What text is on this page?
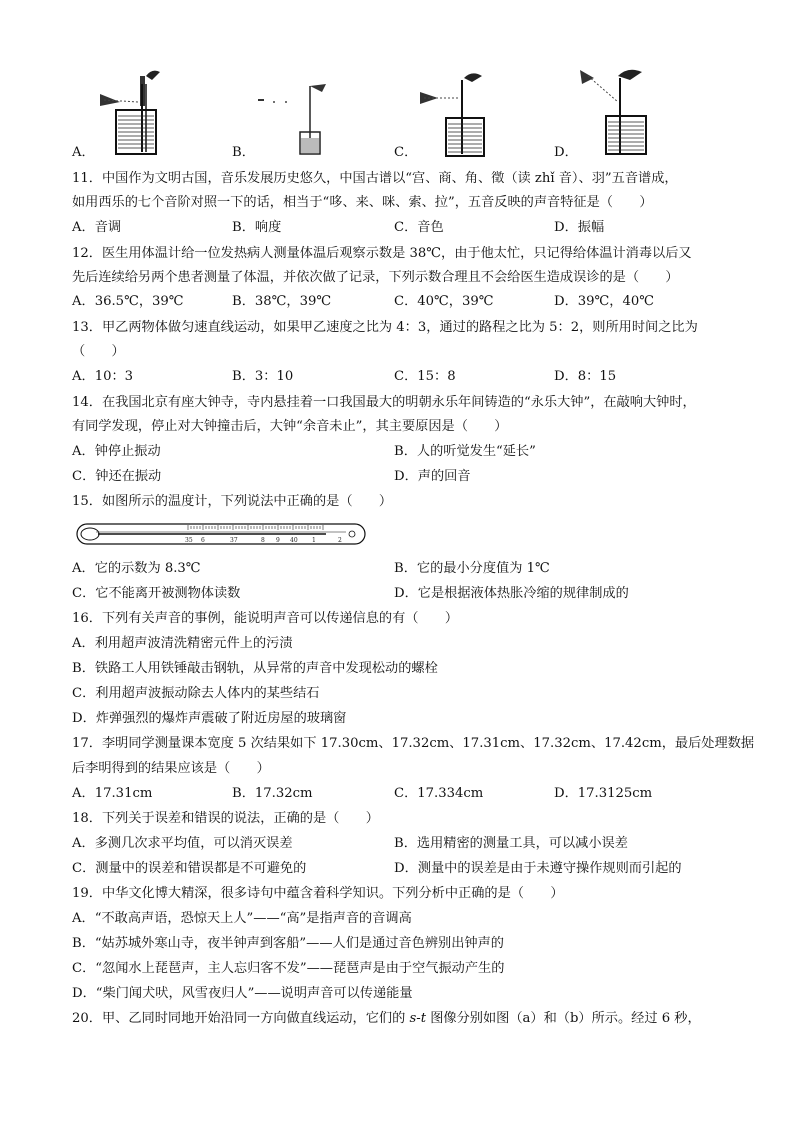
A．	B．	C．	D．
11．中国作为文明古国，音乐发展历史悠久，中国古谱以“宫、商、角、徵（读 zhǐ 音）、羽”五音谱成，
如用西乐的七个音阶对照一下的话，相当于“哆、来、咪、索、拉”，五音反映的声音特征是（　　）
A．音调	B．响度	C．音色	D．振幅
12．医生用体温计给一位发热病人测量体温后观察示数是 38℃，由于他太忙，只记得给体温计消毒以后又
先后连续给另两个患者测量了体温，并依次做了记录，下列示数合理且不会给医生造成误诊的是（　　）
A．36.5℃，39℃	B．38℃，39℃	C．40℃，39℃	D．39℃，40℃
13．甲乙两物体做匀速直线运动，如果甲乙速度之比为 4：3，通过的路程之比为 5：2，则所用时间之比为
（　　）
A．10：3	B．3：10	C．15：8	D．8：15
14．在我国北京有座大钟寺，寺内悬挂着一口我国最大的明朝永乐年间铸造的“永乐大钟”，在敲响大钟时，
有同学发现，停止对大钟撞击后，大钟“余音未止”，其主要原因是（　　）
A．钟停止振动	B．人的听觉发生“延长”
C．钟还在振动	D．声的回音
15．如图所示的温度计，下列说法中正确的是（　　）
35 6	37	8 9 40 1	2
A．它的示数为 8.3℃	B．它的最小分度值为 1℃
C．它不能离开被测物体读数	D．它是根据液体热胀冷缩的规律制成的
16．下列有关声音的事例，能说明声音可以传递信息的有（　　）
A．利用超声波清洗精密元件上的污渍
B．铁路工人用铁锤敲击钢轨，从异常的声音中发现松动的螺栓
C．利用超声波振动除去人体内的某些结石
D．炸弹强烈的爆炸声震破了附近房屋的玻璃窗
17．李明同学测量课本宽度 5 次结果如下 17.30cm、17.32cm、17.31cm、17.32cm、17.42cm，最后处理数据
后李明得到的结果应该是（　　）
A．17.31cm	B．17.32cm	C．17.334cm	D．17.3125cm
18．下列关于误差和错误的说法，正确的是（　　）
A．多测几次求平均值，可以消灭误差	B．选用精密的测量工具，可以减小误差
C．测量中的误差和错误都是不可避免的	D．测量中的误差是由于未遵守操作规则而引起的
19．中华文化博大精深，很多诗句中蕴含着科学知识。下列分析中正确的是（　　）
A．“不敢高声语，恐惊天上人”——“高”是指声音的音调高
B．“姑苏城外寒山寺，夜半钟声到客船”——人们是通过音色辨别出钟声的
C．“忽闻水上琵琶声，主人忘归客不发”——琵琶声是由于空气振动产生的
D．“柴门闻犬吠，风雪夜归人”——说明声音可以传递能量
20．甲、乙同时同地开始沿同一方向做直线运动，它们的 s-t 图像分别如图（a）和（b）所示。经过 6 秒，
